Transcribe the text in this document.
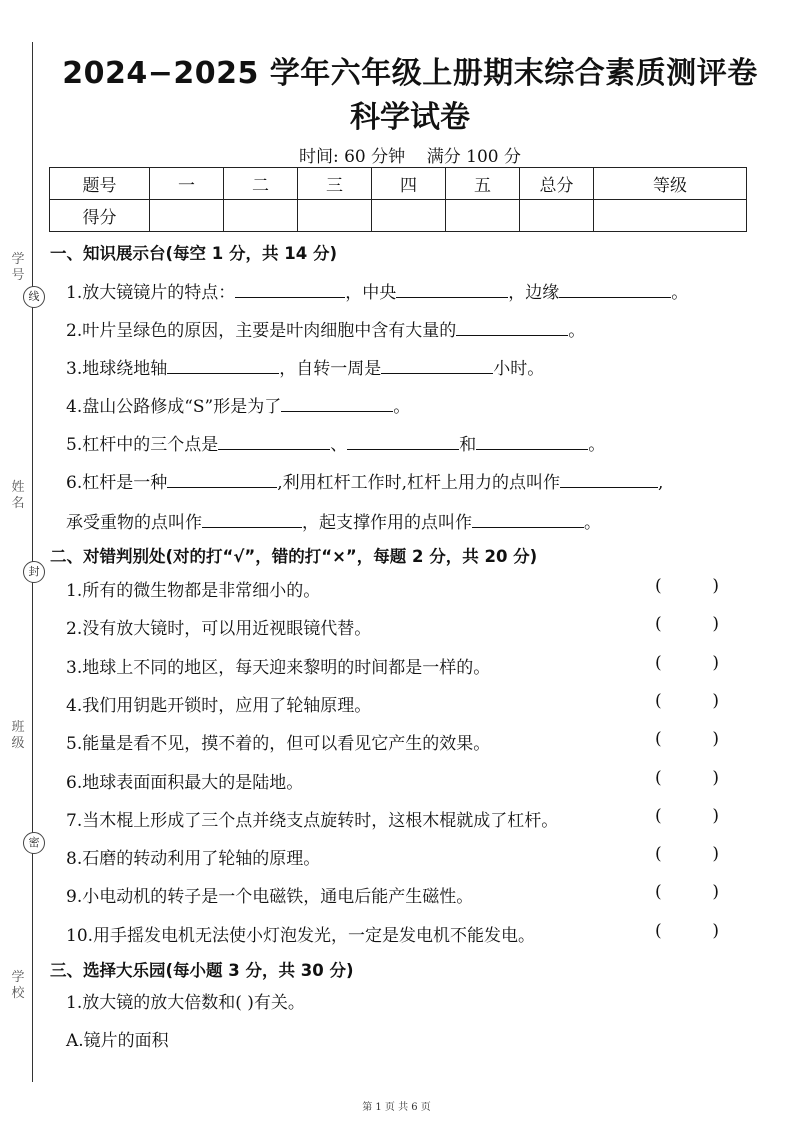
学 号
姓 名
班 级
学 校
线
封
密
2024−2025 学年六年级上册期末综合素质测评卷
科学试卷
时间: 60 分钟    满分 100 分
题号	一	二	三	四	五	总分	等级
得分							
一、知识展示台(每空 1 分，共 14 分)
1.放大镜镜片的特点：	，中央	，边缘	。
2.叶片呈绿色的原因，主要是叶肉细胞中含有大量的	。
3.地球绕地轴	，自转一周是	小时。
4.盘山公路修成“S”形是为了	。
5.杠杆中的三个点是	、	和	。
6.杠杆是一种	,利用杠杆工作时,杠杆上用力的点叫作	,
承受重物的点叫作	，起支撑作用的点叫作	。
二、对错判别处(对的打“√”，错的打“×”，每题 2 分，共 20 分)
1.所有的微生物都是非常细小的。	(	)
2.没有放大镜时，可以用近视眼镜代替。	(	)
3.地球上不同的地区，每天迎来黎明的时间都是一样的。	(	)
4.我们用钥匙开锁时，应用了轮轴原理。	(	)
5.能量是看不见，摸不着的，但可以看见它产生的效果。	(	)
6.地球表面面积最大的是陆地。	(	)
7.当木棍上形成了三个点并绕支点旋转时，这根木棍就成了杠杆。	(	)
8.石磨的转动利用了轮轴的原理。	(	)
9.小电动机的转子是一个电磁铁，通电后能产生磁性。	(	)
10.用手摇发电机无法使小灯泡发光，一定是发电机不能发电。	(	)
三、选择大乐园(每小题 3 分，共 30 分)
1.放大镜的放大倍数和( )有关。
A.镜片的面积
第 1 页 共 6 页
